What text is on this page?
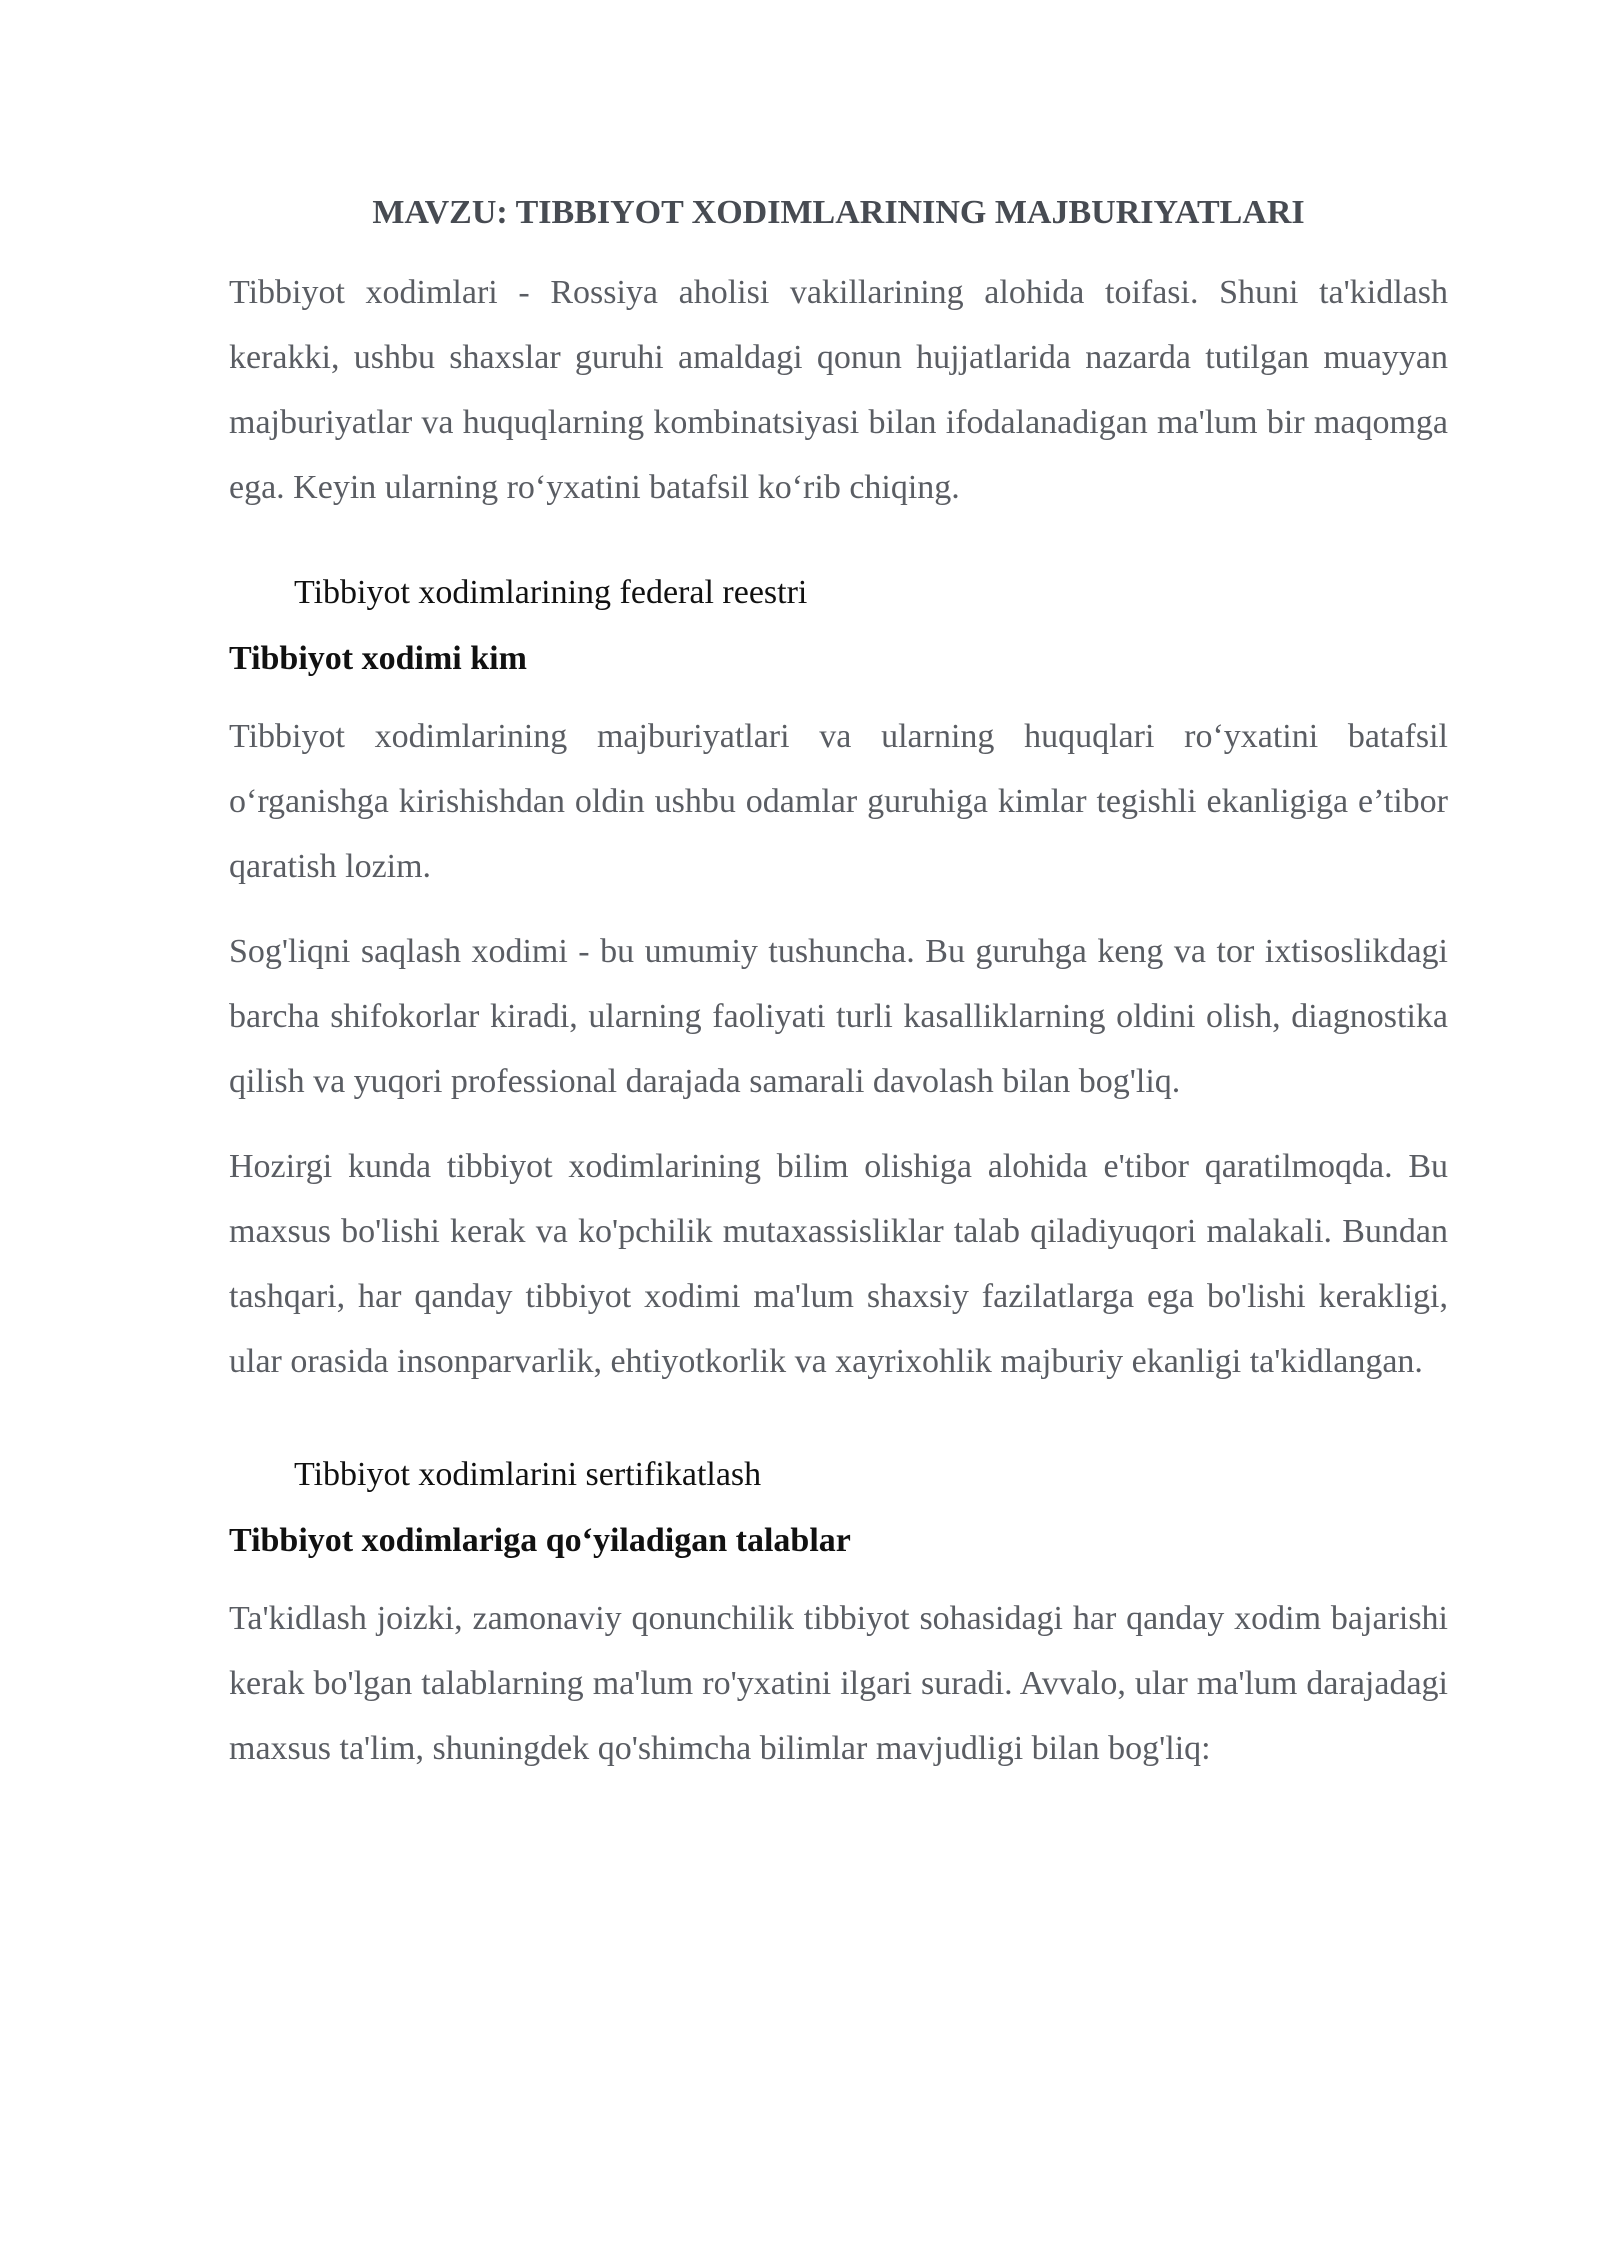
MAVZU: TIBBIYOT XODIMLARINING MAJBURIYATLARI

Tibbiyot xodimlari - Rossiya aholisi vakillarining alohida toifasi. Shuni ta'kidlash kerakki, ushbu shaxslar guruhi amaldagi qonun hujjatlarida nazarda tutilgan muayyan majburiyatlar va huquqlarning kombinatsiyasi bilan ifodalanadigan ma'lum bir maqomga ega. Keyin ularning ro‘yxatini batafsil ko‘rib chiqing.

Tibbiyot xodimlarining federal reestri

Tibbiyot xodimi kim

Tibbiyot xodimlarining majburiyatlari va ularning huquqlari ro‘yxatini batafsil o‘rganishga kirishishdan oldin ushbu odamlar guruhiga kimlar tegishli ekanligiga e’tibor qaratish lozim.

Sog'liqni saqlash xodimi - bu umumiy tushuncha. Bu guruhga keng va tor ixtisoslikdagi barcha shifokorlar kiradi, ularning faoliyati turli kasalliklarning oldini olish, diagnostika qilish va yuqori professional darajada samarali davolash bilan bog'liq.

Hozirgi kunda tibbiyot xodimlarining bilim olishiga alohida e'tibor qaratilmoqda. Bu maxsus bo'lishi kerak va ko'pchilik mutaxassisliklar talab qiladiyuqori malakali. Bundan tashqari, har qanday tibbiyot xodimi ma'lum shaxsiy fazilatlarga ega bo'lishi kerakligi, ular orasida insonparvarlik, ehtiyotkorlik va xayrixohlik majburiy ekanligi ta'kidlangan.

Tibbiyot xodimlarini sertifikatlash

Tibbiyot xodimlariga qo‘yiladigan talablar

Ta'kidlash joizki, zamonaviy qonunchilik tibbiyot sohasidagi har qanday xodim bajarishi kerak bo'lgan talablarning ma'lum ro'yxatini ilgari suradi. Avvalo, ular ma'lum darajadagi maxsus ta'lim, shuningdek qo'shimcha bilimlar mavjudligi bilan bog'liq:
